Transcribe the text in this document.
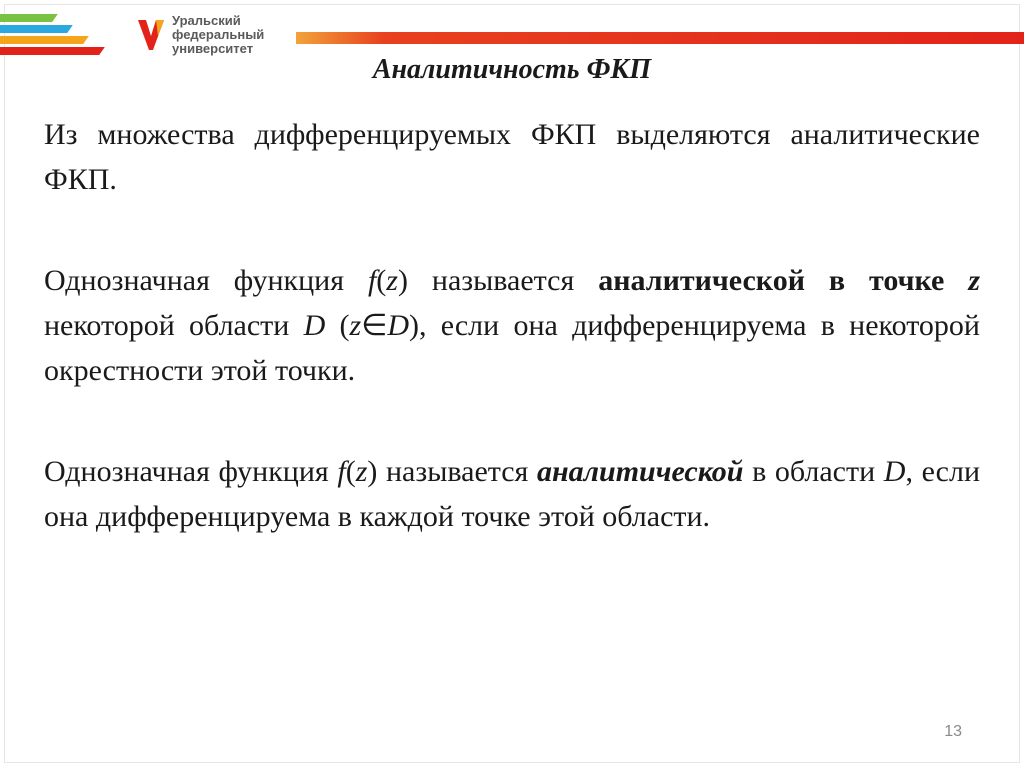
Уральский
федеральный
университет
Аналитичность ФКП

Из множества дифференцируемых ФКП выделяются аналитические ФКП.

Однозначная функция f(z) называется аналитической в точке z некоторой области D (z∈D), если она дифференцируема в некоторой окрестности этой точки.

Однозначная функция f(z) называется аналитической в области D, если она дифференцируема в каждой точке этой области.

13
